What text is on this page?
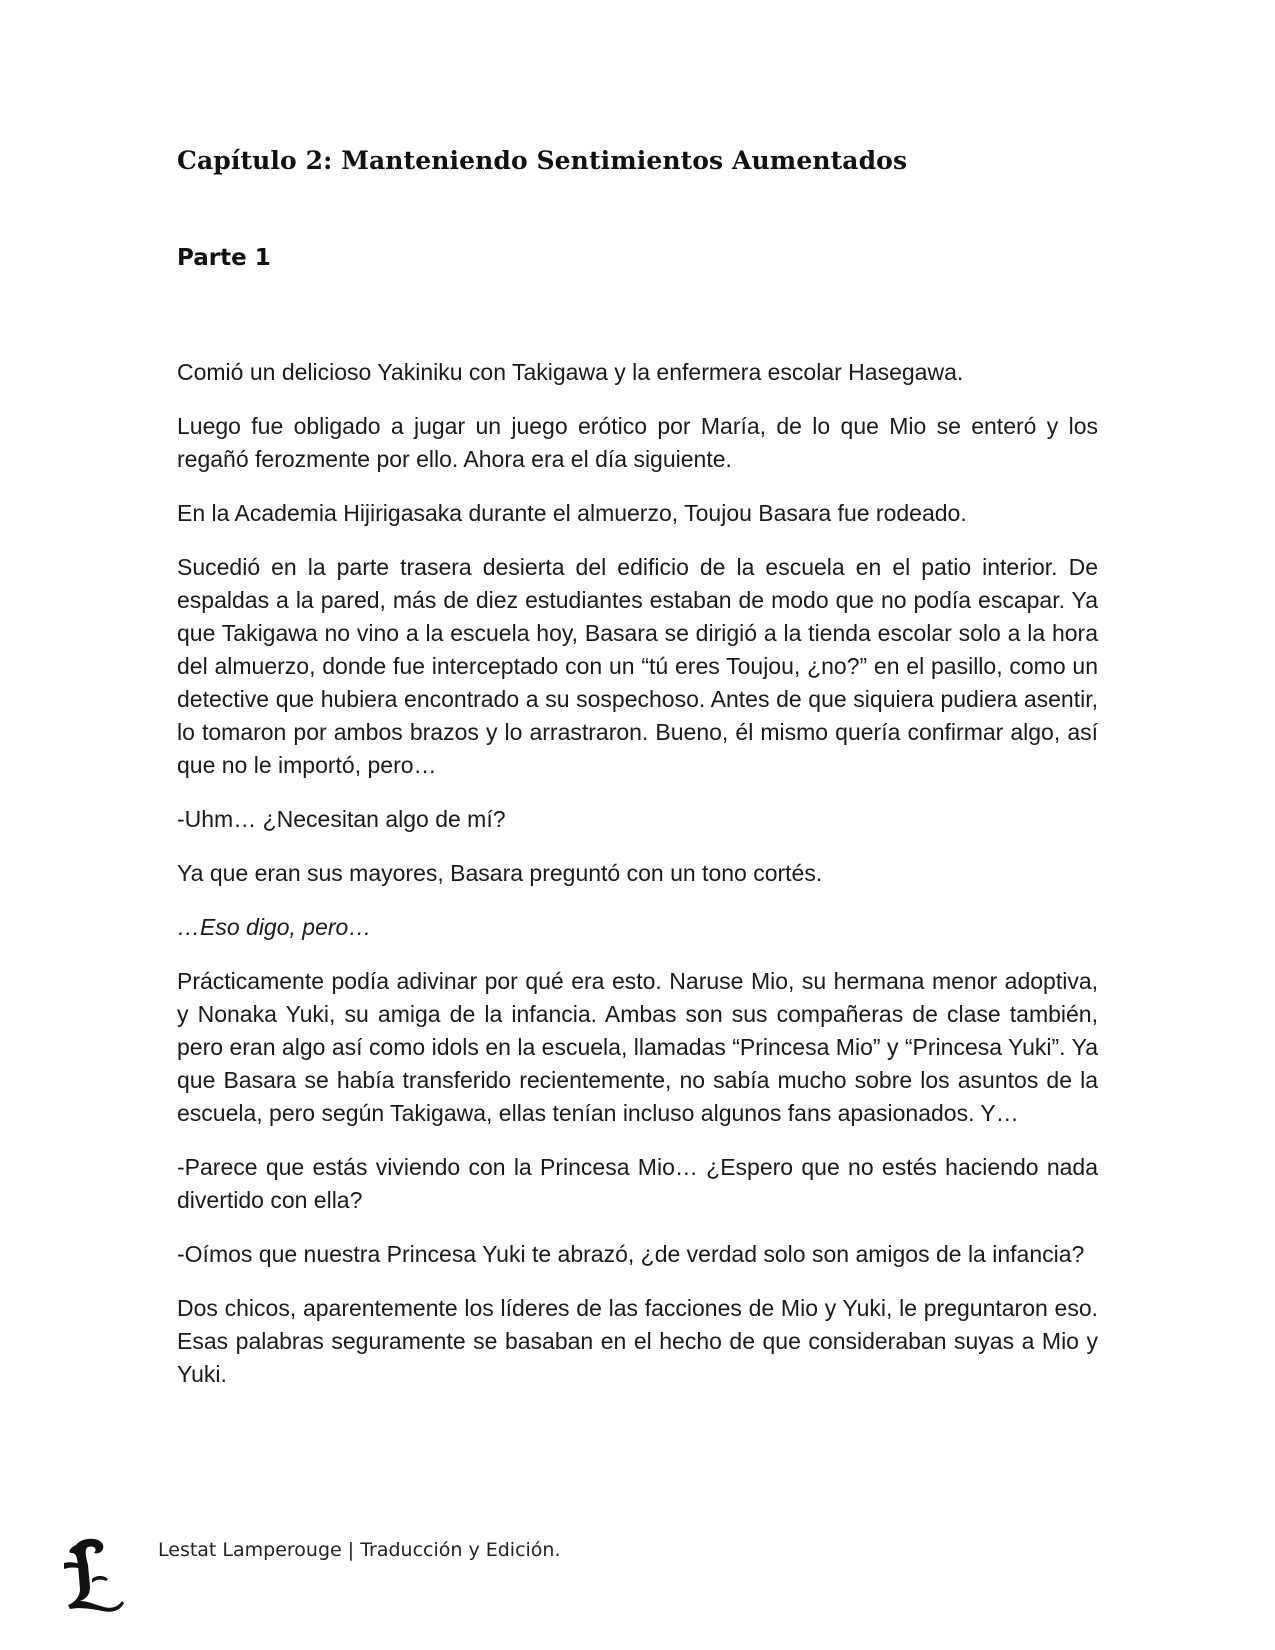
Capítulo 2: Manteniendo Sentimientos Aumentados
Parte 1

Comió un delicioso Yakiniku con Takigawa y la enfermera escolar Hasegawa.

Luego fue obligado a jugar un juego erótico por María, de lo que Mio se enteró y los regañó ferozmente por ello. Ahora era el día siguiente.

En la Academia Hijirigasaka durante el almuerzo, Toujou Basara fue rodeado.

Sucedió en la parte trasera desierta del edificio de la escuela en el patio interior. De espaldas a la pared, más de diez estudiantes estaban de modo que no podía escapar. Ya que Takigawa no vino a la escuela hoy, Basara se dirigió a la tienda escolar solo a la hora del almuerzo, donde fue interceptado con un “tú eres Toujou, ¿no?” en el pasillo, como un detective que hubiera encontrado a su sospechoso. Antes de que siquiera pudiera asentir, lo tomaron por ambos brazos y lo arrastraron. Bueno, él mismo quería confirmar algo, así que no le importó, pero…

-Uhm… ¿Necesitan algo de mí?

Ya que eran sus mayores, Basara preguntó con un tono cortés.

…Eso digo, pero…

Prácticamente podía adivinar por qué era esto. Naruse Mio, su hermana menor adoptiva, y Nonaka Yuki, su amiga de la infancia. Ambas son sus compañeras de clase también, pero eran algo así como idols en la escuela, llamadas “Princesa Mio” y “Princesa Yuki”. Ya que Basara se había transferido recientemente, no sabía mucho sobre los asuntos de la escuela, pero según Takigawa, ellas tenían incluso algunos fans apasionados. Y…

-Parece que estás viviendo con la Princesa Mio… ¿Espero que no estés haciendo nada divertido con ella?

-Oímos que nuestra Princesa Yuki te abrazó, ¿de verdad solo son amigos de la infancia?

Dos chicos, aparentemente los líderes de las facciones de Mio y Yuki, le preguntaron eso. Esas palabras seguramente se basaban en el hecho de que consideraban suyas a Mio y Yuki.

Lestat Lamperouge | Traducción y Edición.
